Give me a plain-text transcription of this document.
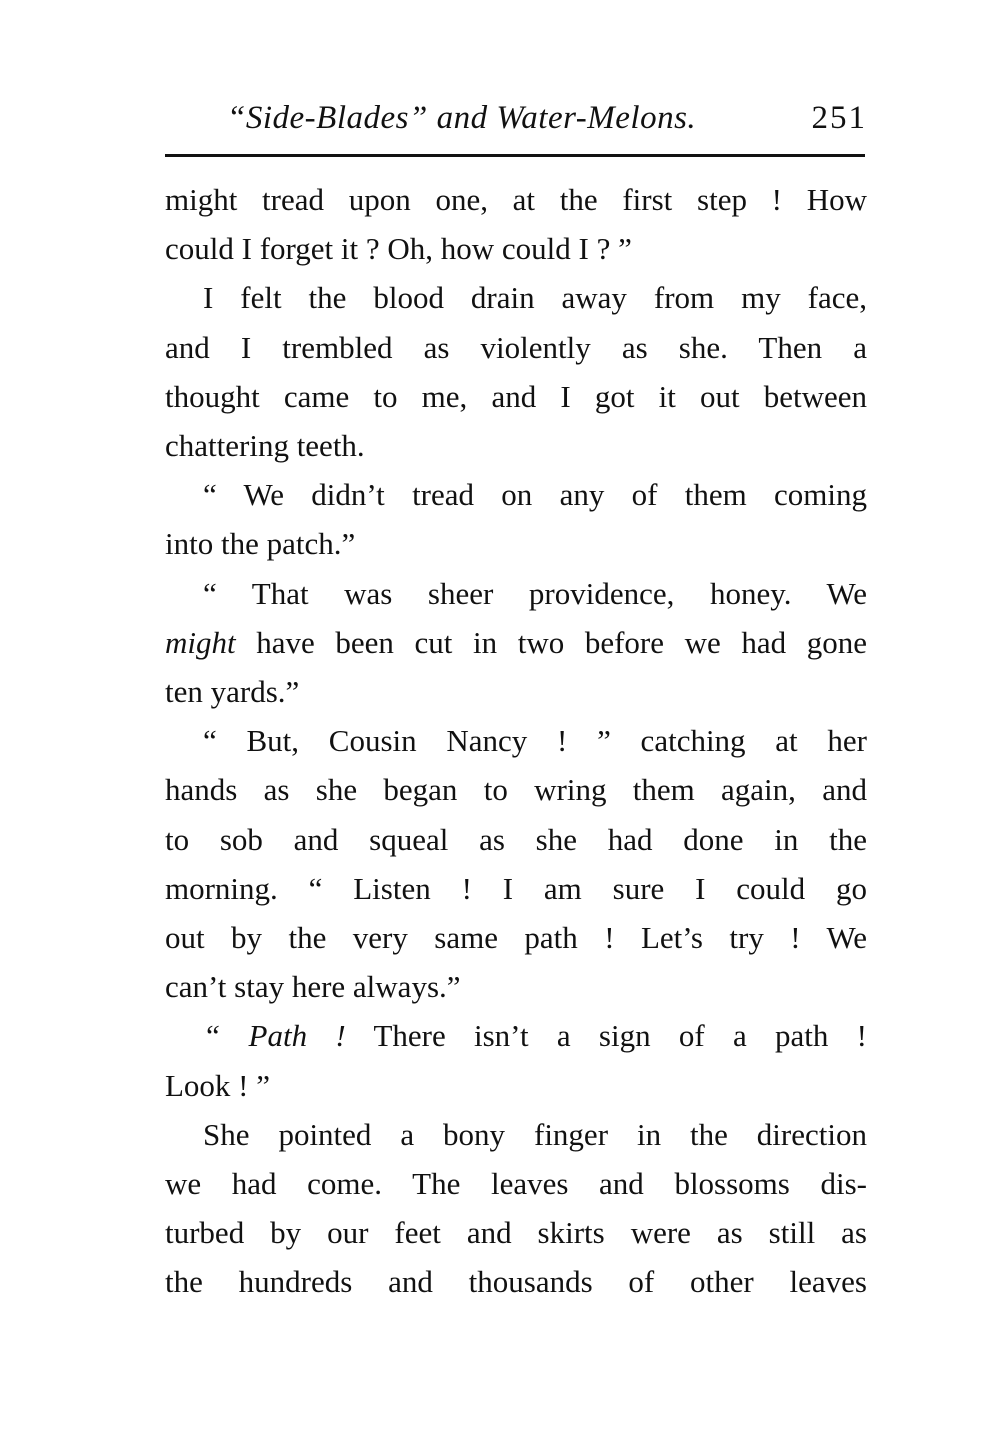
“Side-Blades” and Water-Melons.	251

might tread upon one, at the first step ! How
could I forget it ? Oh, how could I ? ”

I felt the blood drain away from my face,
and I trembled as violently as she. Then a
thought came to me, and I got it out between
chattering teeth.

“ We didn’t tread on any of them coming
into the patch.”

“ That was sheer providence, honey. We
might have been cut in two before we had gone
ten yards.”

“ But, Cousin Nancy ! ” catching at her
hands as she began to wring them again, and
to sob and squeal as she had done in the
morning. “ Listen ! I am sure I could go
out by the very same path ! Let’s try ! We
can’t stay here always.”

“ Path ! There isn’t a sign of a path !
Look ! ”

She pointed a bony finger in the direction
we had come. The leaves and blossoms dis-
turbed by our feet and skirts were as still as
the hundreds and thousands of other leaves
